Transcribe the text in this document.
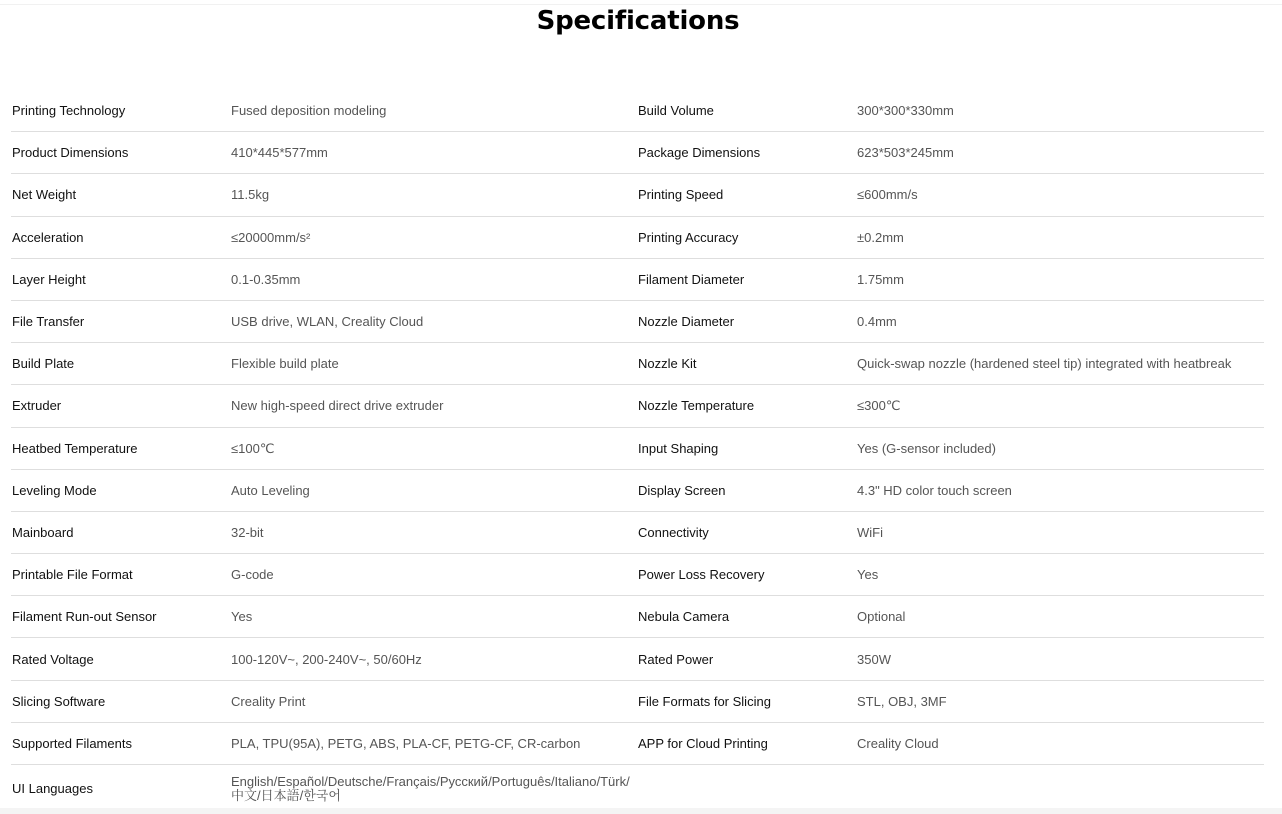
Specifications
Printing Technology	Fused deposition modeling	Build Volume	300*300*330mm
Product Dimensions	410*445*577mm	Package Dimensions	623*503*245mm
Net Weight	11.5kg	Printing Speed	≤600mm/s
Acceleration	≤20000mm/s²	Printing Accuracy	±0.2mm
Layer Height	0.1-0.35mm	Filament Diameter	1.75mm
File Transfer	USB drive, WLAN, Creality Cloud	Nozzle Diameter	0.4mm
Build Plate	Flexible build plate	Nozzle Kit	Quick-swap nozzle (hardened steel tip) integrated with heatbreak
Extruder	New high-speed direct drive extruder	Nozzle Temperature	≤300℃
Heatbed Temperature	≤100℃	Input Shaping	Yes (G-sensor included)
Leveling Mode	Auto Leveling	Display Screen	4.3" HD color touch screen
Mainboard	32-bit	Connectivity	WiFi
Printable File Format	G-code	Power Loss Recovery	Yes
Filament Run-out Sensor	Yes	Nebula Camera	Optional
Rated Voltage	100-120V~, 200-240V~, 50/60Hz	Rated Power	350W
Slicing Software	Creality Print	File Formats for Slicing	STL, OBJ, 3MF
Supported Filaments	PLA, TPU(95A), PETG, ABS, PLA-CF, PETG-CF, CR-carbon	APP for Cloud Printing	Creality Cloud
UI Languages	English/Español/Deutsche/Français/Русский/Português/Italiano/Türk/
中文/日本語/한국어
